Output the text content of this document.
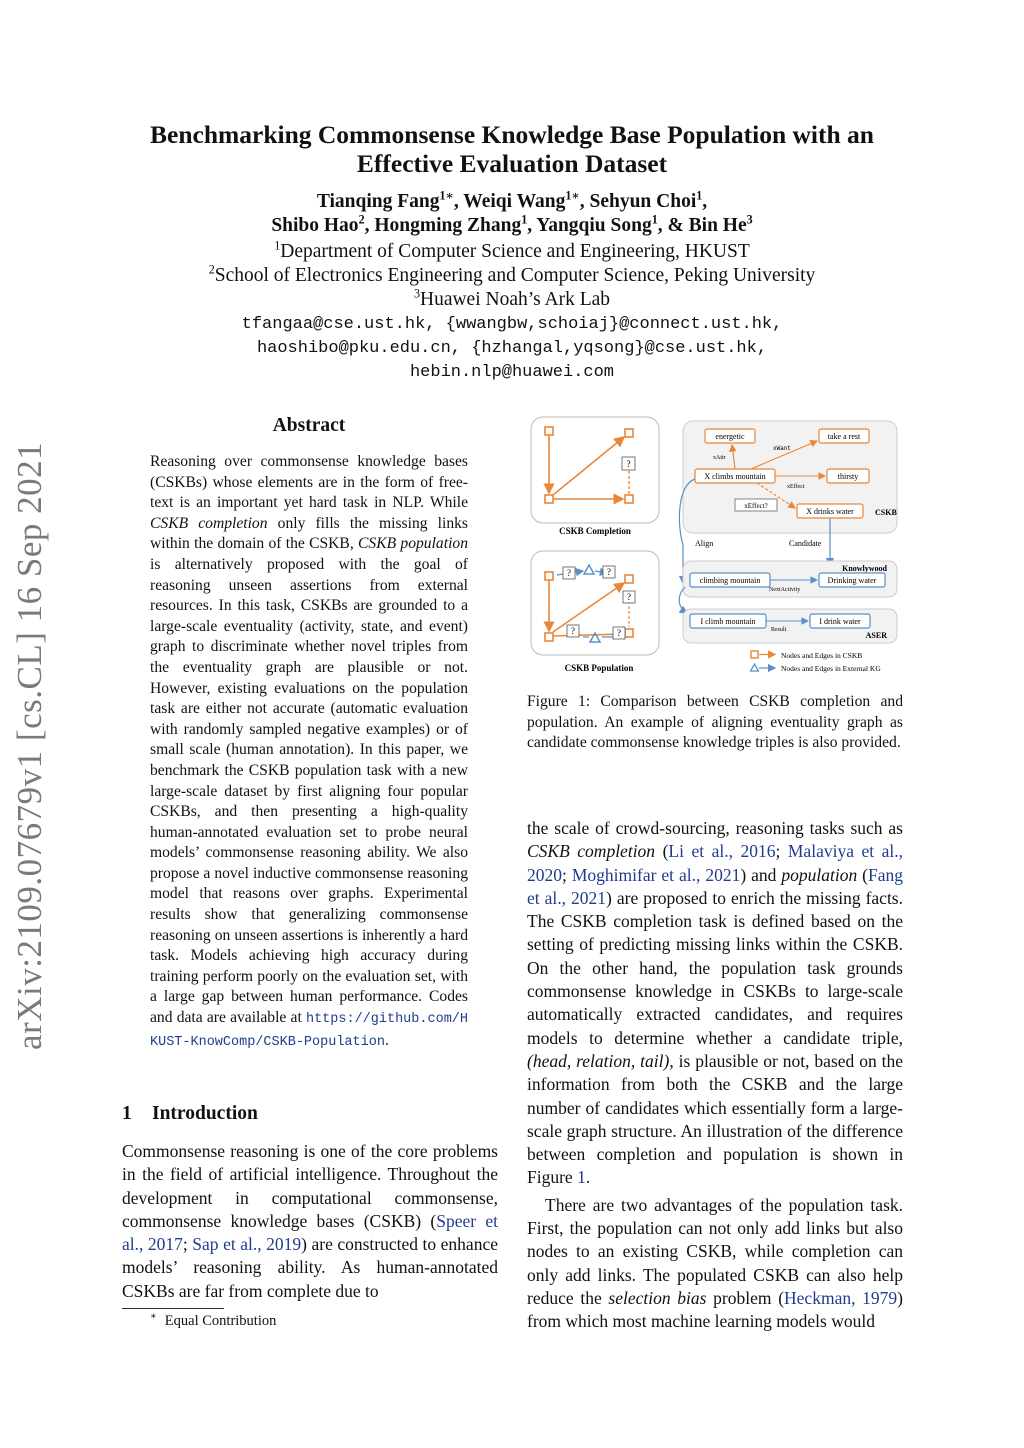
arXiv:2109.07679v1 [cs.CL] 16 Sep 2021
Benchmarking Commonsense Knowledge Base Population with an
Effective Evaluation Dataset
Tianqing Fang$^{1∗}$, Weiqi Wang$^{1∗}$, Sehyun Choi$^1$,
Shibo Hao$^2$, Hongming Zhang$^1$, Yangqiu Song$^1$, & Bin He$^3$
$^1$Department of Computer Science and Engineering, HKUST
$^2$School of Electronics Engineering and Computer Science, Peking University
$^3$Huawei Noah’s Ark Lab
tfangaa@cse.ust.hk, {wwangbw,schoiaj}@connect.ust.hk,
haoshibo@pku.edu.cn, {hzhangal,yqsong}@cse.ust.hk,
hebin.nlp@huawei.com
Abstract
Reasoning over commonsense knowledge bases (CSKBs) whose elements are in the form of free-text is an important yet hard task in NLP. While CSKB completion only fills the missing links within the domain of the CSKB, CSKB population is alternatively proposed with the goal of reasoning unseen assertions from external resources. In this task, CSKBs are grounded to a large-scale eventuality (activity, state, and event) graph to discriminate whether novel triples from the eventuality graph are plausible or not. However, existing evaluations on the population task are either not accurate (automatic evaluation with randomly sampled negative examples) or of small scale (human annotation). In this paper, we benchmark the CSKB population task with a new large-scale dataset by first aligning four popular CSKBs, and then presenting a high-quality human-annotated evaluation set to probe neural models’ commonsense reasoning ability. We also propose a novel inductive commonsense reasoning model that reasons over graphs. Experimental results show that generalizing commonsense reasoning on unseen assertions is inherently a hard task. Models achieving high accuracy during training perform poorly on the evaluation set, with a large gap between human performance. Codes and data are available at https://github.com/HKUST-KnowComp/CSKB-Population.
1 Introduction
Commonsense reasoning is one of the core problems in the field of artificial intelligence. Throughout the development in computational commonsense, commonsense knowledge bases (CSKB) (Speer et al., 2017; Sap et al., 2019) are constructed to enhance models’ reasoning ability. As human-annotated CSKBs are far from complete due to
∗ Equal Contribution
?
CSKB Completion
?	?
?
?	?
CSKB Population
energetic	take a rest
X climbs mountain	thirsty
X drinks water
xWant
xAttr
xEffect
xEffect?
CSKB
Align	Candidate
Knowlywood
climbing mountain	Drinking water
NextActivity
I climb mountain	I drink water
Result
ASER
Nodes and Edges in CSKB
Nodes and Edges in External KG
Figure 1: Comparison between CSKB completion and population. An example of aligning eventuality graph as candidate commonsense knowledge triples is also provided.

the scale of crowd-sourcing, reasoning tasks such as CSKB completion (Li et al., 2016; Malaviya et al., 2020; Moghimifar et al., 2021) and population (Fang et al., 2021) are proposed to enrich the missing facts. The CSKB completion task is defined based on the setting of predicting missing links within the CSKB. On the other hand, the population task grounds commonsense knowledge in CSKBs to large-scale automatically extracted candidates, and requires models to determine whether a candidate triple, (head, relation, tail), is plausible or not, based on the information from both the CSKB and the large number of candidates which essentially form a large-scale graph structure. An illustration of the difference between completion and population is shown in Figure 1.

There are two advantages of the population task. First, the population can not only add links but also nodes to an existing CSKB, while completion can only add links. The populated CSKB can also help reduce the selection bias problem (Heckman, 1979) from which most machine learning models would
